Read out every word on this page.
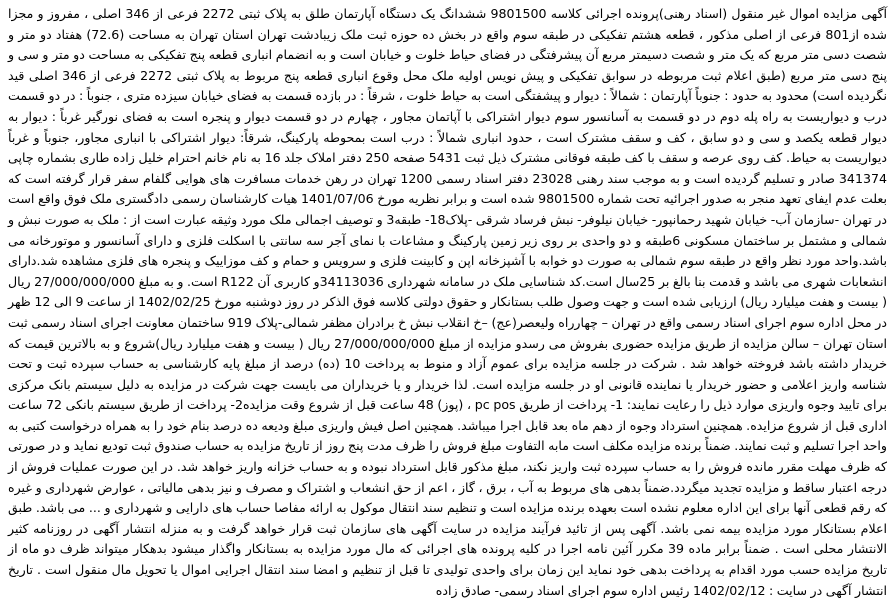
آگهی مزایده اموال غیر منقول (اسناد رهنی)پرونده اجرائی کلاسه 9801500 ششدانگ یک دستگاه آپارتمان طلق به پلاک ثبتی 2272 فرعی از 346 اصلی ، مفروز و مجزا شده از801 فرعی از اصلی مذکور ، قطعه هشتم تفکیکی در طبقه سوم واقع در بخش ده حوزه ثبت ملک زیبادشت تهران استان تهران به مساحت (72.6) هفتاد دو متر و شصت دسی متر مربع که یک متر و شصت دسیمتر مربع آن پیشرفتگی در فضای حیاط خلوت و خیابان است و به انضمام انباری قطعه پنج تفکیکی به مساحت دو متر و سی و پنج دسی متر مربع (طبق اعلام ثبت مربوطه در سوابق تفکیکی و پیش نویس اولیه ملک محل وقوع انباری قطعه پنج مربوط به پلاک ثبتی 2272 فرعی از 346 اصلی قید نگردیده است) محدود به حدود : جنوباً آپارتمان : شمالاً : دیوار و پیشفتگی است به حیاط خلوت ، شرقاً : در بازده قسمت به فضای خیابان سیزده متری ، جنوباً : در دو قسمت درب و دیواریست به راه پله دوم در دو قسمت به آسانسور سوم دیوار اشتراکی با آپاتمان مجاور ، چهارم در دو قسمت دیوار و پنجره است به فضای نورگیر غرباً : دیوار به دیوار قطعه یکصد و سی و دو سابق ، کف و سقف مشترک است ، حدود انباری شمالاً : درب است بمحوطه پارکینگ، شرقاً: دیوار اشتراکی با انباری مجاور، جنوباً و غرباً دیواریست به حیاط. کف روی عرصه و سقف با کف طبقه فوقانی مشترک ذیل ثبت 5431 صفحه 250 دفتر املاک جلد 16 به نام خانم احترام خلیل زاده طاری بشماره چاپی 341374 صادر و تسلیم گردیده است و به موجب سند رهنی 23028 دفتر اسناد رسمی 1200 تهران در رهن خدمات مسافرت های هوایی گلفام سفر قرار گرفته است که بعلت عدم ایفای تعهد منجر به صدور اجرائیه تحت شماره 9801500 شده است و برابر نظریه مورخ 1401/07/06 هیات کارشناسان رسمی دادگستری ملک فوق واقع است در تهران -سازمان آب- خیابان شهید رحمانپور- خیابان نیلوفر- نبش فرساد شرقی -پلاک18- طبقه3 و توصیف اجمالی ملک مورد وثیقه عبارت است از : ملک به صورت نبش و شمالی و مشتمل بر ساختمان مسکونی 6طبقه و دو واحدی بر روی زیر زمین پارکینگ و مشاعات با نمای آجر سه سانتی با اسکلت فلزی و دارای آسانسور و موتورخانه می باشد.واحد مورد نظر واقع در طبقه سوم شمالی به صورت دو خوابه با آشپزخانه اپن و کابینت فلزی و سرویس و حمام و کف موزاییک و پنجره های فلزی مشاهده شد.دارای انشعابات شهری می باشد و قدمت بنا بالغ بر 25سال است.کد شناسایی ملک در سامانه شهرداری 34113036و کاربری آن R122 است. و به مبلغ 27/000/000/000 ریال ( بیست و هفت میلیارد ریال) ارزیابی شده است و جهت وصول طلب بستانکار و حقوق دولتی کلاسه فوق الذکر در روز دوشنبه مورخ 1402/02/25 از ساعت 9 الی 12 ظهر در محل اداره سوم اجرای اسناد رسمی واقع در تهران – چهارراه ولیعصر(عج) –خ انقلاب نبش خ برادران مظفر شمالی-پلاک 919 ساختمان معاونت اجرای اسناد رسمی ثبت استان تهران – سالن مزایده از طریق مزایده حضوری بفروش می رسدو مزایده از مبلغ 27/000/000/000 ریال ( بیست و هفت میلیارد ریال)شروع و به بالاترین قیمت که خریدار داشته باشد فروخته خواهد شد . شرکت در جلسه مزایده برای عموم آزاد و منوط به پرداخت 10 (ده) درصد از مبلغ پایه کارشناسی به حساب سپرده ثبت و تحت شناسه واریز اعلامی و حضور خریدار یا نماینده قانونی او در جلسه مزایده است. لذا خریدار و یا خریداران می بایست جهت شرکت در مزایده به دلیل سیستم بانک مرکزی برای تایید وجوه واریزی موارد ذیل را رعایت نمایند: 1- پرداخت از طریق pc pos ، (پوز) 48 ساعت قبل از شروع وقت مزایده2- پرداخت از طریق سیستم بانکی 72 ساعت اداری قبل از شروع مزایده. همچنین استرداد وجوه از دهم ماه بعد قابل اجرا میباشد. همچنین اصل فیش واریزی مبلغ ودیعه ده درصد بنام خود را به همراه درخواست کتبی به واحد اجرا تسلیم و ثبت نمایند. ضمناً برنده مزایده مکلف است مابه التفاوت مبلغ فروش را ظرف مدت پنج روز از تاریخ مزایده به حساب صندوق ثبت تودیع نماید و در صورتی که ظرف مهلت مقرر مانده فروش را به حساب سپرده ثبت واریز نکند، مبلغ مذکور قابل استرداد نبوده و به حساب خزانه واریز خواهد شد. در این صورت عملیات فروش از درجه اعتبار ساقط و مزایده تجدید میگردد.ضمناً بدهی های مربوط به آب ، برق ، گاز ، اعم از حق انشعاب و اشتراک و مصرف و نیز بدهی مالیاتی ، عوارض شهرداری و غیره که رقم قطعی آنها برای این اداره معلوم نشده است بعهده برنده مزایده است و تنظیم سند انتقال موکول به ارائه مفاصا حساب های دارایی و شهرداری و ... می باشد. طبق اعلام بستانکار مورد مزایده بیمه نمی باشد. آگهی پس از تائید فرآیند مزایده در سایت آگهی های سازمان ثبت قرار خواهد گرفت و به منزله انتشار آگهی در روزنامه کثیر الانتشار محلی است . ضمناً برابر ماده 39 مکرر آئین نامه اجرا در کلیه پرونده های اجرائی که مال مورد مزایده به بستانکار واگذار میشود بدهکار میتواند ظرف دو ماه از تاریخ مزایده حسب مورد اقدام به پرداخت بدهی خود نماید این زمان برای واحدی تولیدی تا قبل از تنظیم و امضا سند انتقال اجرایی اموال یا تحویل مال منقول است . تاریخ انتشار آگهی در سایت : 1402/02/12 رئیس اداره سوم اجرای اسناد رسمی- صادق زاده
